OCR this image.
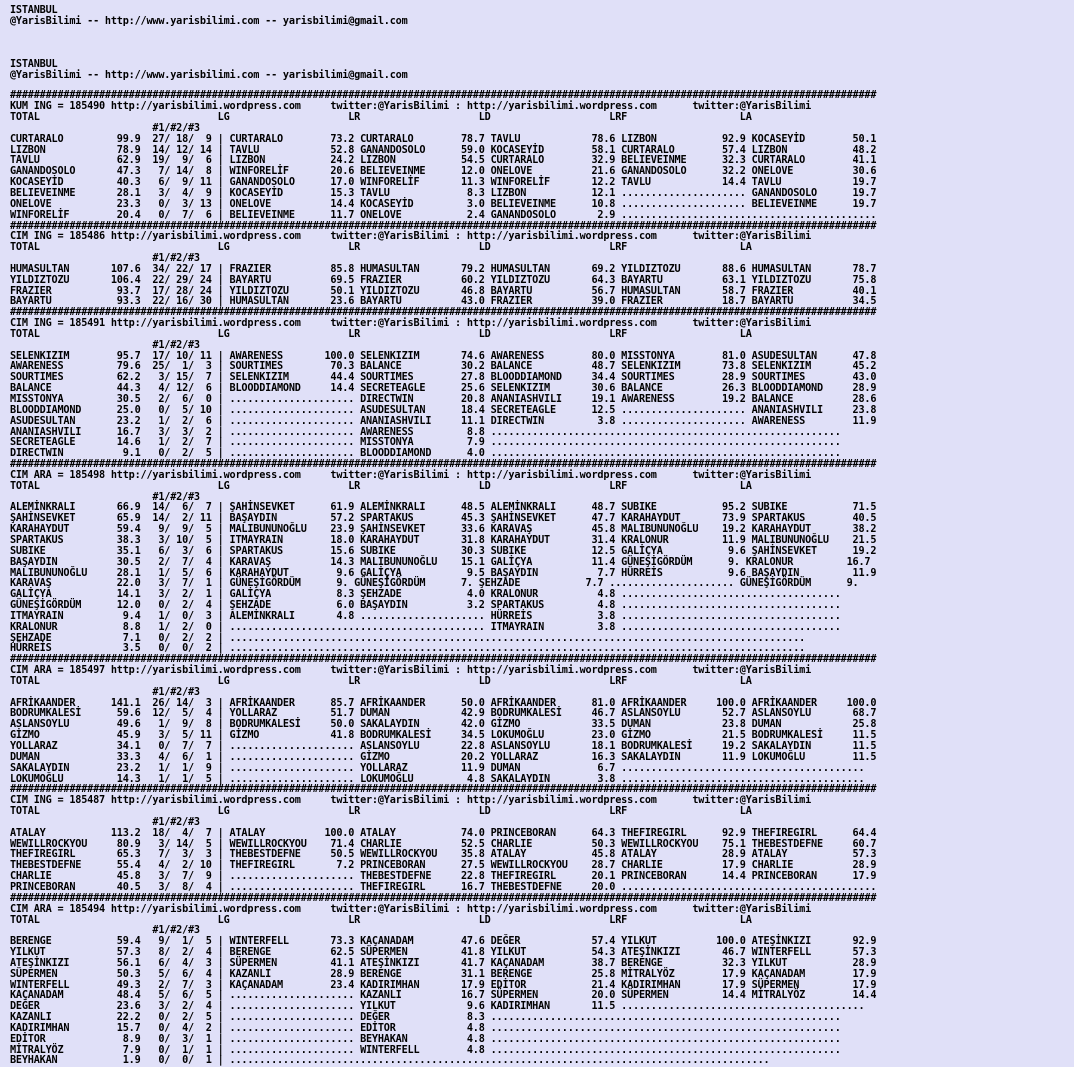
ISTANBUL
@YarisBilimi -- http://www.yarisbilimi.com -- yarisbilimi@gmail.com
ISTANBUL
@YarisBilimi -- http://www.yarisbilimi.com -- yarisbilimi@gmail.com
##################################################################################################################################################
KUM ING = 185490 http://yarisbilimi.wordpress.com     twitter:@YarisBilimi : http://yarisbilimi.wordpress.com      twitter:@YarisBilimi
TOTAL                              LG                    LR                    LD                    LRF                   LA
#1/#2/#3
CURTARALO         99.9  27/ 18/  9 | CURTARALO        73.2 CURTARALO        78.7 TAVLU            78.6 LIZBON           92.9 KOCASEYİD        50.1
LIZBON            78.9  14/ 12/ 14 | TAVLU            52.8 GANANDOSOLO      59.0 KOCASEYİD        58.1 CURTARALO        57.4 LIZBON           48.2
TAVLU             62.9  19/  9/  6 | LIZBON           24.2 LIZBON           54.5 CURTARALO        32.9 BELIEVEINME      32.3 CURTARALO        41.1
GANANDOSOLO       47.3   7/ 14/  8 | WINFORELİF       20.6 BELIEVEINME      12.0 ONELOVE          21.6 GANANDOSOLO      32.2 ONELOVE          30.6
KOCASEYİD         40.3   6/  9/ 11 | GANANDOSOLO      17.0 WINFORELİF       11.3 WINFORELİF       12.2 TAVLU            14.4 TAVLU            19.7
BELIEVEINME       28.1   3/  4/  9 | KOCASEYİD        15.3 TAVLU             8.3 LIZBON           12.1 ..................... GANANDOSOLO      19.7
ONELOVE           23.3   0/  3/ 13 | ONELOVE          14.4 KOCASEYİD         3.0 BELIEVEINME      10.8 ..................... BELIEVEINME      19.7
WINFORELİF        20.4   0/  7/  6 | BELIEVEINME      11.7 ONELOVE           2.4 GANANDOSOLO       2.9 ...........................................
##################################################################################################################################################
CIM ING = 185486 http://yarisbilimi.wordpress.com     twitter:@YarisBilimi : http://yarisbilimi.wordpress.com      twitter:@YarisBilimi
TOTAL                              LG                    LR                    LD                    LRF                   LA
#1/#2/#3
HUMASULTAN       107.6  34/ 22/ 17 | FRAZIER          85.8 HUMASULTAN       79.2 HUMASULTAN       69.2 YILDIZTOZU       88.6 HUMASULTAN       78.7
YILDIZTOZU       106.4  22/ 29/ 24 | BAYARTU          69.5 FRAZIER          60.2 YILDIZTOZU       64.3 BAYARTU          63.1 YILDIZTOZU       75.8
FRAZIER           93.7  17/ 28/ 24 | YILDIZTOZU       50.1 YILDIZTOZU       46.8 BAYARTU          56.7 HUMASULTAN       58.7 FRAZIER          40.1
BAYARTU           93.3  22/ 16/ 30 | HUMASULTAN       23.6 BAYARTU          43.0 FRAZIER          39.0 FRAZIER          18.7 BAYARTU          34.5
##################################################################################################################################################
CIM ING = 185491 http://yarisbilimi.wordpress.com     twitter:@YarisBilimi : http://yarisbilimi.wordpress.com      twitter:@YarisBilimi
TOTAL                              LG                    LR                    LD                    LRF                   LA
#1/#2/#3
SELENKIZIM        95.7  17/ 10/ 11 | AWARENESS       100.0 SELENKIZIM       74.6 AWARENESS        80.0 MISSTONYA        81.0 ASUDESULTAN      47.8
AWARENESS         79.6  25/  1/  3 | SOURTIMES        70.3 BALANCE          30.2 BALANCE          48.7 SELENKIZIM       73.8 SELENKIZIM       45.2
SOURTIMES         62.2   3/ 15/  7 | SELENKIZIM       44.4 SOURTIMES        27.8 BLOODDIAMOND     34.4 SOURTIMES        28.9 SOURTIMES        43.0
BALANCE           44.3   4/ 12/  6 | BLOODDIAMOND     14.4 SECRETEAGLE      25.6 SELENKIZIM       30.6 BALANCE          26.3 BLOODDIAMOND     28.9
MISSTONYA         30.5   2/  6/  0 | ..................... DIRECTWIN        20.8 ANANIASHVILI     19.1 AWARENESS        19.2 BALANCE          28.6
BLOODDIAMOND      25.0   0/  5/ 10 | ..................... ASUDESULTAN      18.4 SECRETEAGLE      12.5 ..................... ANANIASHVILI     23.8
ASUDESULTAN       23.2   1/  2/  6 | ..................... ANANIASHVILI     11.1 DIRECTWIN         3.8 ..................... AWARENESS        11.9
ANANIASHVILI      16.7   3/  3/  2 | ..................... AWARENESS         8.8 ...........................................................
SECRETEAGLE       14.6   1/  2/  7 | ..................... MISSTONYA         7.9 ...........................................................
DIRECTWIN          9.1   0/  2/  5 | ..................... BLOODDIAMOND      4.0 ...........................................................
##################################################################################################################################################
CIM ARA = 185498 http://yarisbilimi.wordpress.com     twitter:@YarisBilimi : http://yarisbilimi.wordpress.com      twitter:@YarisBilimi
TOTAL                              LG                    LR                    LD                    LRF                   LA
#1/#2/#3
ALEMİNKRALI       66.9  14/  6/  7 | ŞAHİNSEVKET      61.9 ALEMİNKRALI      48.5 ALEMİNKRALI      48.7 SUBIKE           95.2 SUBIKE           71.5
ŞAHİNSEVKET       65.9  14/  2/ 11 | BAŞAYDIN         57.2 SPARTAKUS        45.3 ŞAHİNSEVKET      47.7 KARAHAYDUT       73.9 SPARTAKUS        40.5
KARAHAYDUT        59.4   9/  9/  5 | MALIBUNUNOĞLU    23.9 ŞAHİNSEVKET      33.6 KARAVAŞ          45.8 MALIBUNUNOĞLU    19.2 KARAHAYDUT       38.2
SPARTAKUS         38.3   3/ 10/  5 | ITMAYRAIN        18.0 KARAHAYDUT       31.8 KARAHAYDUT       31.4 KRALONUR         11.9 MALIBUNUNOĞLU    21.5
SUBIKE            35.1   6/  3/  6 | SPARTAKUS        15.6 SUBIKE           30.3 SUBIKE           12.5 GALİÇYA           9.6 ŞAHİNSEVKET      19.2
BAŞAYDIN          30.5   2/  7/  4 | KARAVAŞ          14.3 MALIBUNUNOĞLU    15.1 GALİÇYA          11.4 GÜNEŞİGÖRDÜM      9. KRALONUR         16.7
MALIBUNUNOĞLU     28.1   1/  5/  6 | KARAHAYDUT        9.6 GALİÇYA           9.5 BAŞAYDIN          7.7 HÜRREİS           9.6 BAŞAYDIN         11.9
KARAVAŞ           22.0   3/  7/  1 | GÜNEŞİGÖRDÜM      9. GÜNEŞİGÖRDÜM      7. ŞEHZADE           7.7 ..................... GÜNEŞİGÖRDÜM      9.
GALİÇYA           14.1   3/  2/  1 | GALİÇYA           8.3 ŞEHZADE           4.0 KRALONUR          4.8 .....................................
GÜNEŞİGÖRDÜM      12.0   0/  2/  4 | ŞEHZADE           6.0 BAŞAYDIN          3.2 SPARTAKUS         4.8 .....................................
ITMAYRAIN          9.4   1/  0/  3 | ALEMİNKRALI       4.8 ..................... HÜRREİS           3.8 .....................................
KRALONUR           8.8   1/  2/  0 | ........................................... ITMAYRAIN         3.8 .....................................
ŞEHZADE            7.1   0/  2/  2 | .................................................................................................
HÜRREİS            3.5   0/  0/  2 | .................................................................................................
##################################################################################################################################################
CIM ARA = 185497 http://yarisbilimi.wordpress.com     twitter:@YarisBilimi : http://yarisbilimi.wordpress.com      twitter:@YarisBilimi
TOTAL                              LG                    LR                    LD                    LRF                   LA
#1/#2/#3
AFRİKAANDER      141.1  26/ 14/  3 | AFRİKAANDER      85.7 AFRİKAANDER      50.0 AFRİKAANDER      81.0 AFRİKAANDER     100.0 AFRİKAANDER     100.0
BODRUMKALESİ      59.6  12/  5/  4 | YOLLARAZ         51.7 DUMAN            42.9 BODRUMKALESİ     46.7 ASLANSOYLU       52.7 ASLANSOYLU       68.7
ASLANSOYLU        49.6   1/  9/  8 | BODRUMKALESİ     50.0 SAKALAYDIN       42.0 GİZMO            33.5 DUMAN            23.8 DUMAN            25.8
GİZMO             45.9   3/  5/ 11 | GİZMO            41.8 BODRUMKALESİ     34.5 LOKUMOĞLU        23.0 GİZMO            21.5 BODRUMKALESİ     11.5
YOLLARAZ          34.1   0/  7/  7 | ..................... ASLANSOYLU       22.8 ASLANSOYLU       18.1 BODRUMKALESİ     19.2 SAKALAYDIN       11.5
DUMAN             33.3   4/  6/  1 | ..................... GİZMO            20.2 YOLLARAZ         16.3 SAKALAYDIN       11.9 LOKUMOĞLU        11.5
SAKALAYDIN        23.2   1/  1/  9 | ..................... YOLLARAZ         11.9 DUMAN             6.7 .........................................
LOKUMOĞLU         14.3   1/  1/  5 | ..................... LOKUMOĞLU         4.8 SAKALAYDIN        3.8 .........................................
##################################################################################################################################################
CIM ING = 185487 http://yarisbilimi.wordpress.com     twitter:@YarisBilimi : http://yarisbilimi.wordpress.com      twitter:@YarisBilimi
TOTAL                              LG                    LR                    LD                    LRF                   LA
#1/#2/#3
ATALAY           113.2  18/  4/  7 | ATALAY          100.0 ATALAY           74.0 PRINCEBORAN      64.3 THEFIREGIRL      92.9 THEFIREGIRL      64.4
WEWILLROCKYOU     80.9   3/ 14/  5 | WEWILLROCKYOU    71.4 CHARLIE          52.5 CHARLIE          50.3 WEWILLROCKYOU    75.1 THEBESTDEFNE     60.7
THEFIREGIRL       65.3   7/  3/  3 | THEBESTDEFNE     50.5 WEWILLROCKYOU    35.8 ATALAY           45.8 ATALAY           28.9 ATALAY           57.3
THEBESTDEFNE      55.4   4/  2/ 10 | THEFIREGIRL       7.2 PRINCEBORAN      27.5 WEWILLROCKYOU    28.7 CHARLIE          17.9 CHARLIE          28.9
CHARLIE           45.8   3/  7/  9 | ..................... THEBESTDEFNE     22.8 THEFIREGIRL      20.1 PRINCEBORAN      14.4 PRINCEBORAN      17.9
PRINCEBORAN       40.5   3/  8/  4 | ..................... THEFIREGIRL      16.7 THEBESTDEFNE     20.0 ...........................................
##################################################################################################################################################
CIM ARA = 185494 http://yarisbilimi.wordpress.com     twitter:@YarisBilimi : http://yarisbilimi.wordpress.com      twitter:@YarisBilimi
TOTAL                              LG                    LR                    LD                    LRF                   LA
#1/#2/#3
BERENGE           59.4   9/  1/  5 | WINTERFELL       73.3 KAÇANADAM        47.6 DEĞER            57.4 YILKUT          100.0 ATEŞİNKIZI       92.9
YILKUT            57.3   8/  2/  4 | BERENGE          62.5 SÜPERMEN         41.8 YILKUT           54.3 ATEŞİNKIZI       46.7 WINTERFELL       57.3
ATEŞİNKIZI        56.1   6/  4/  3 | SÜPERMEN         41.1 ATEŞİNKIZI       41.7 KAÇANADAM        38.7 BERENGE          32.3 YILKUT           28.9
SÜPERMEN          50.3   5/  6/  4 | KAZANLI          28.9 BERENGE          31.1 BERENGE          25.8 MİTRALYÖZ        17.9 KAÇANADAM        17.9
WINTERFELL        49.3   2/  7/  3 | KAÇANADAM        23.4 KADIRIMHAN       17.9 EDİTOR           21.4 KADIRIMHAN       17.9 SÜPERMEN         17.9
KAÇANADAM         48.4   5/  6/  5 | ..................... KAZANLI          16.7 SÜPERMEN         20.0 SÜPERMEN         14.4 MİTRALYÖZ        14.4
DEĞER             23.6   3/  2/  4 | ..................... YILKUT            9.6 KADIRIMHAN       11.5 .........................................
KAZANLI           22.2   0/  2/  5 | ..................... DEĞER             8.3 ...........................................................
KADIRIMHAN        15.7   0/  4/  2 | ..................... EDİTOR            4.8 ...........................................................
EDİTOR             8.9   0/  3/  1 | ..................... BEYHAKAN          4.8 ...........................................................
MİTRALYÖZ          7.9   0/  1/  1 | ..................... WINTERFELL        4.8 ...........................................................
BEYHAKAN           1.9   0/  0/  1 | ...........................................................................................
